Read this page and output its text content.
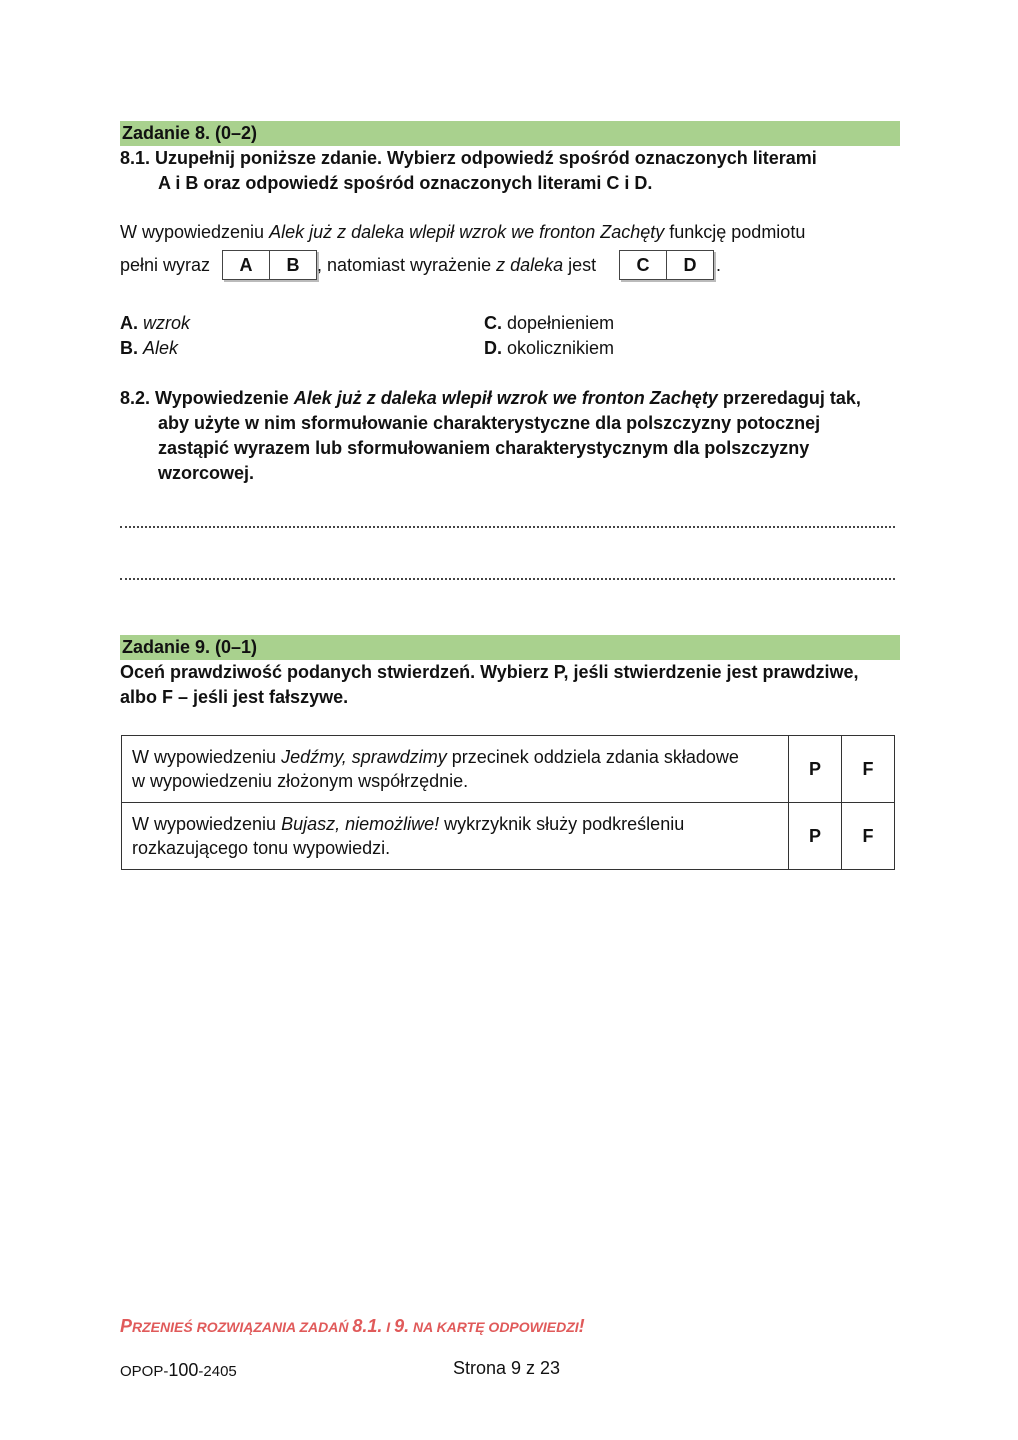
Zadanie 8. (0–2)
8.1. Uzupełnij poniższe zdanie. Wybierz odpowiedź spośród oznaczonych literami
A i B oraz odpowiedź spośród oznaczonych literami C i D.
W wypowiedzeniu Alek już z daleka wlepił wzrok we fronton Zachęty funkcję podmiotu
pełni wyraz	A	B , natomiast wyrażenie z daleka jest	C	D	.
A. wzrok
B. Alek
C. dopełnieniem
D. okolicznikiem
8.2. Wypowiedzenie Alek już z daleka wlepił wzrok we fronton Zachęty przeredaguj tak,
aby użyte w nim sformułowanie charakterystyczne dla polszczyzny potocznej
zastąpić wyrazem lub sformułowaniem charakterystycznym dla polszczyzny
wzorcowej.
Zadanie 9. (0–1)
Oceń prawdziwość podanych stwierdzeń. Wybierz P, jeśli stwierdzenie jest prawdziwe,
albo F – jeśli jest fałszywe.
W wypowiedzeniu Jedźmy, sprawdzimy przecinek oddziela zdania składowe
w wypowiedzeniu złożonym współrzędnie.	P	F
W wypowiedzeniu Bujasz, niemożliwe! wykrzyknik służy podkreśleniu
rozkazującego tonu wypowiedzi.	P	F
PRZENIEŚ ROZWIĄZANIA ZADAŃ 8.1. I 9. NA KARTĘ ODPOWIEDZI!
OPOP-100-2405	Strona 9 z 23
